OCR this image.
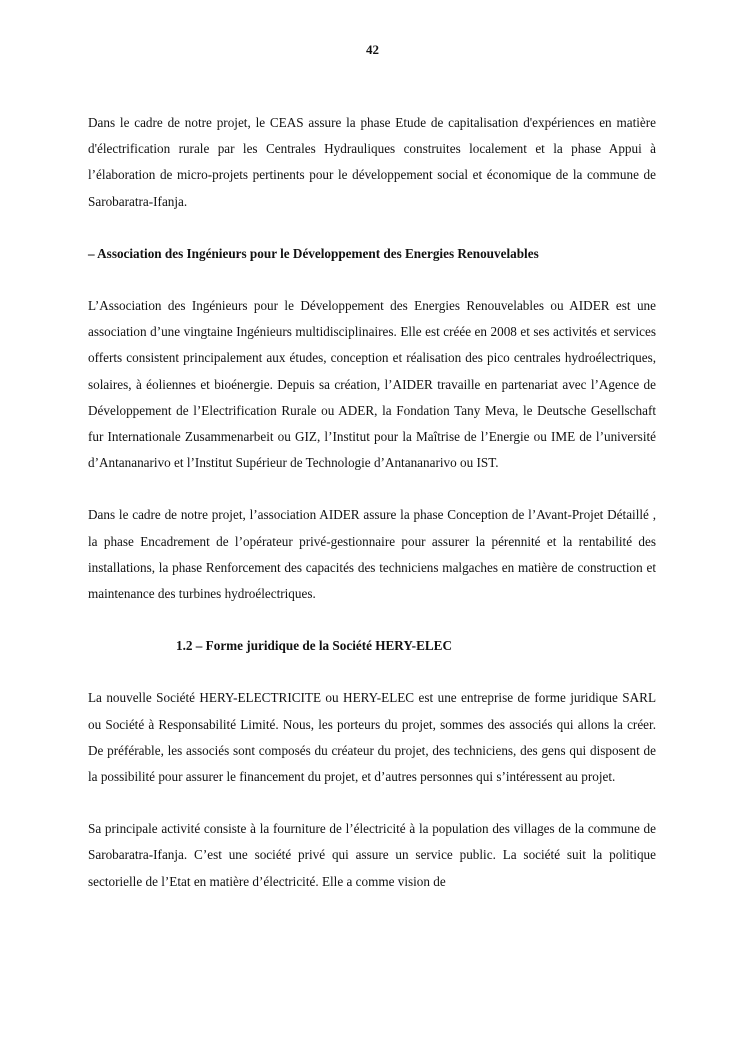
42

Dans le cadre de notre projet, le CEAS assure la phase Etude de capitalisation d'expériences en matière d'électrification rurale par les Centrales Hydrauliques construites localement et la phase Appui à l’élaboration de micro-projets pertinents pour le développement social et économique de la commune de Sarobaratra-Ifanja.

– Association des Ingénieurs pour le Développement des Energies Renouvelables

L’Association des Ingénieurs pour le Développement des Energies Renouvelables ou AIDER est une association d’une vingtaine Ingénieurs multidisciplinaires. Elle est créée en 2008 et ses activités et services offerts consistent principalement aux études, conception et réalisation des pico centrales hydroélectriques, solaires, à éoliennes et bioénergie. Depuis sa création, l’AIDER travaille en partenariat avec l’Agence de Développement de l’Electrification Rurale ou ADER, la Fondation Tany Meva, le Deutsche Gesellschaft fur Internationale Zusammenarbeit ou GIZ, l’Institut pour la Maîtrise de l’Energie ou IME de l’université d’Antananarivo et l’Institut Supérieur de Technologie d’Antananarivo ou IST.

Dans le cadre de notre projet, l’association AIDER assure la phase Conception de l’Avant-Projet Détaillé , la phase Encadrement de l’opérateur privé-gestionnaire pour assurer la pérennité et la rentabilité des installations, la phase Renforcement des capacités des techniciens malgaches en matière de construction et maintenance des turbines hydroélectriques.

1.2 – Forme juridique de la Société HERY-ELEC

La nouvelle Société HERY-ELECTRICITE ou HERY-ELEC est une entreprise de forme juridique SARL ou Société à Responsabilité Limité. Nous, les porteurs du projet, sommes des associés qui allons la créer. De préférable, les associés sont composés du créateur du projet, des techniciens, des gens qui disposent de la possibilité pour assurer le financement du projet, et d’autres personnes qui s’intéressent au projet.

Sa principale activité consiste à la fourniture de l’électricité à la population des villages de la commune de Sarobaratra-Ifanja. C’est une société privé qui assure un service public. La société suit la politique sectorielle de l’Etat en matière d’électricité. Elle a comme vision de
